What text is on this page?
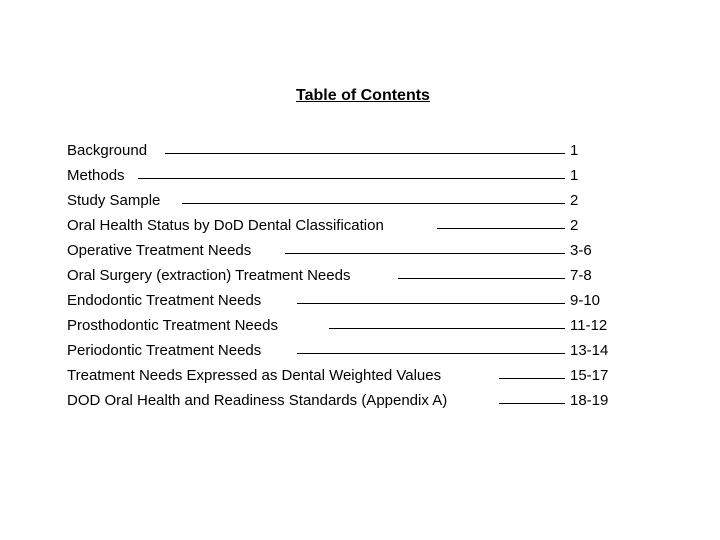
Table of Contents
Background	1
Methods	1
Study Sample	2
Oral Health Status by DoD Dental Classification	2
Operative Treatment Needs	3-6
Oral Surgery (extraction) Treatment Needs	7-8
Endodontic Treatment Needs	9-10
Prosthodontic Treatment Needs	11-12
Periodontic Treatment Needs	13-14
Treatment Needs Expressed as Dental Weighted Values	15-17
DOD Oral Health and Readiness Standards (Appendix A)	18-19
